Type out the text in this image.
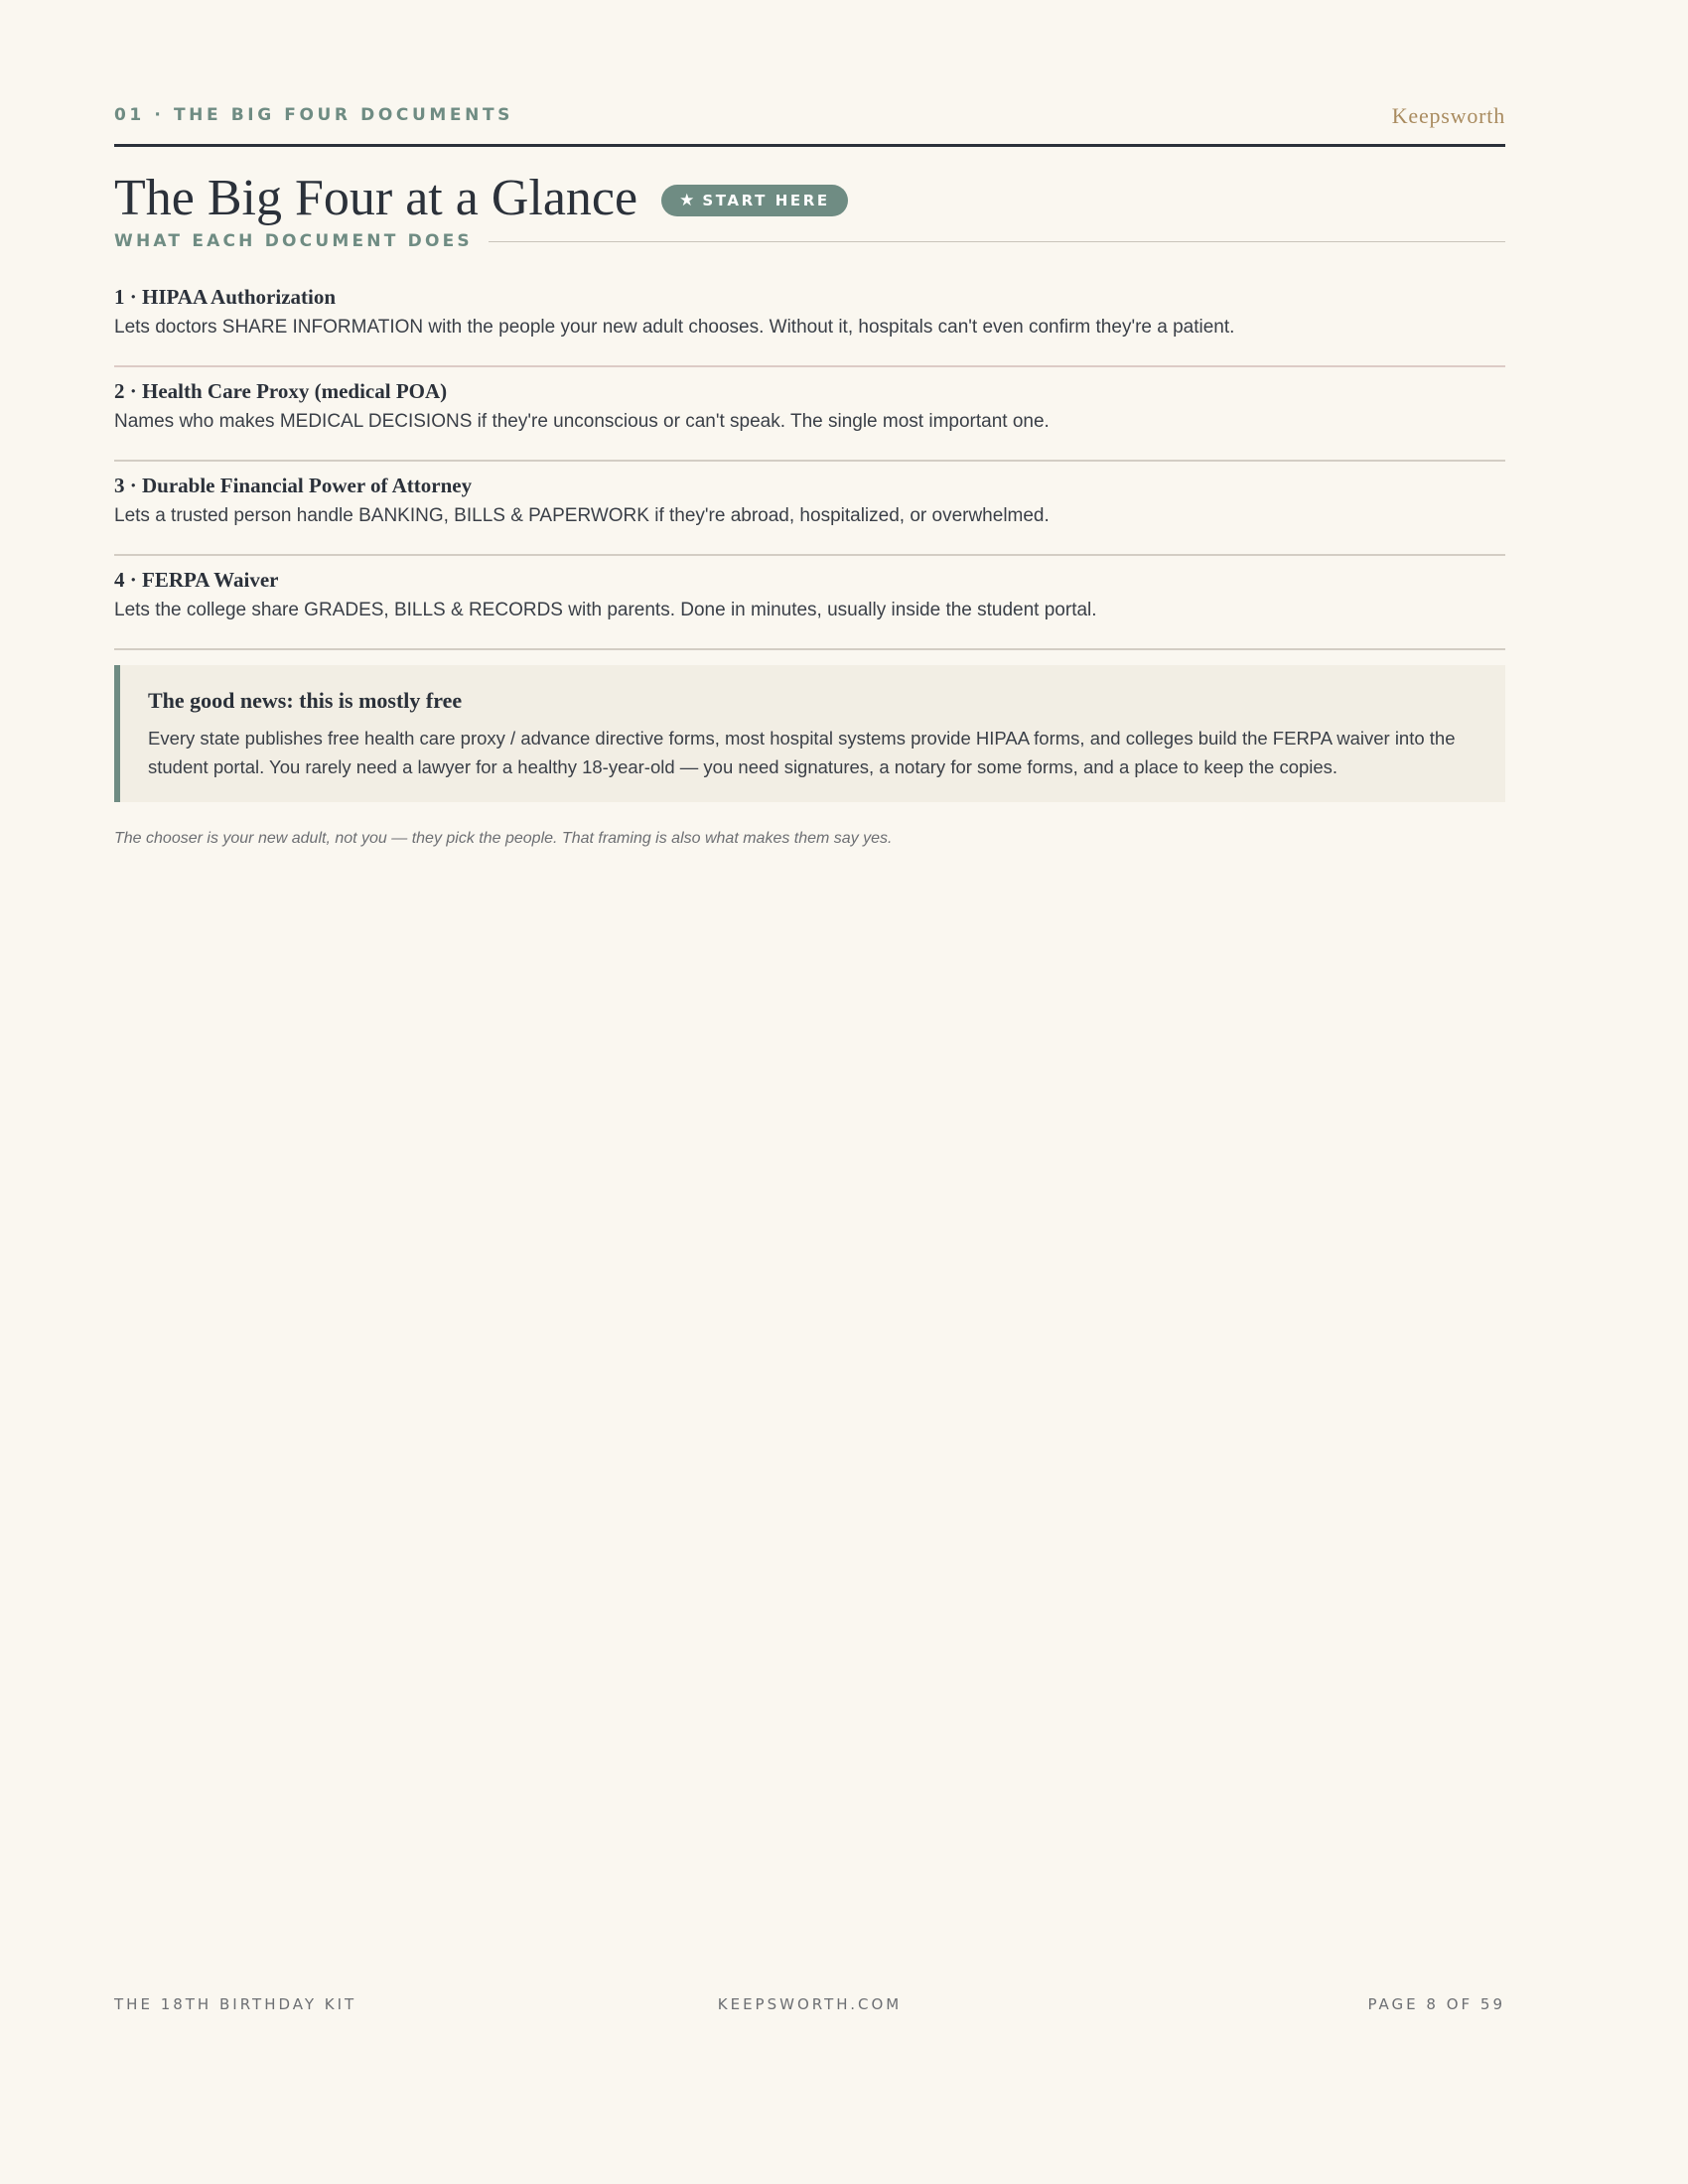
01 · THE BIG FOUR DOCUMENTS	Keepsworth
The Big Four at a Glance ★ START HERE
WHAT EACH DOCUMENT DOES
1 · HIPAA Authorization
Lets doctors SHARE INFORMATION with the people your new adult chooses. Without it, hospitals can't even confirm they're a patient.
2 · Health Care Proxy (medical POA)
Names who makes MEDICAL DECISIONS if they're unconscious or can't speak. The single most important one.
3 · Durable Financial Power of Attorney
Lets a trusted person handle BANKING, BILLS & PAPERWORK if they're abroad, hospitalized, or overwhelmed.
4 · FERPA Waiver
Lets the college share GRADES, BILLS & RECORDS with parents. Done in minutes, usually inside the student portal.
The good news: this is mostly free
Every state publishes free health care proxy / advance directive forms, most hospital systems provide HIPAA forms, and colleges build the FERPA waiver into the student portal. You rarely need a lawyer for a healthy 18-year-old — you need signatures, a notary for some forms, and a place to keep the copies.
The chooser is your new adult, not you — they pick the people. That framing is also what makes them say yes.
THE 18TH BIRTHDAY KIT	KEEPSWORTH.COM	PAGE 8 OF 59
